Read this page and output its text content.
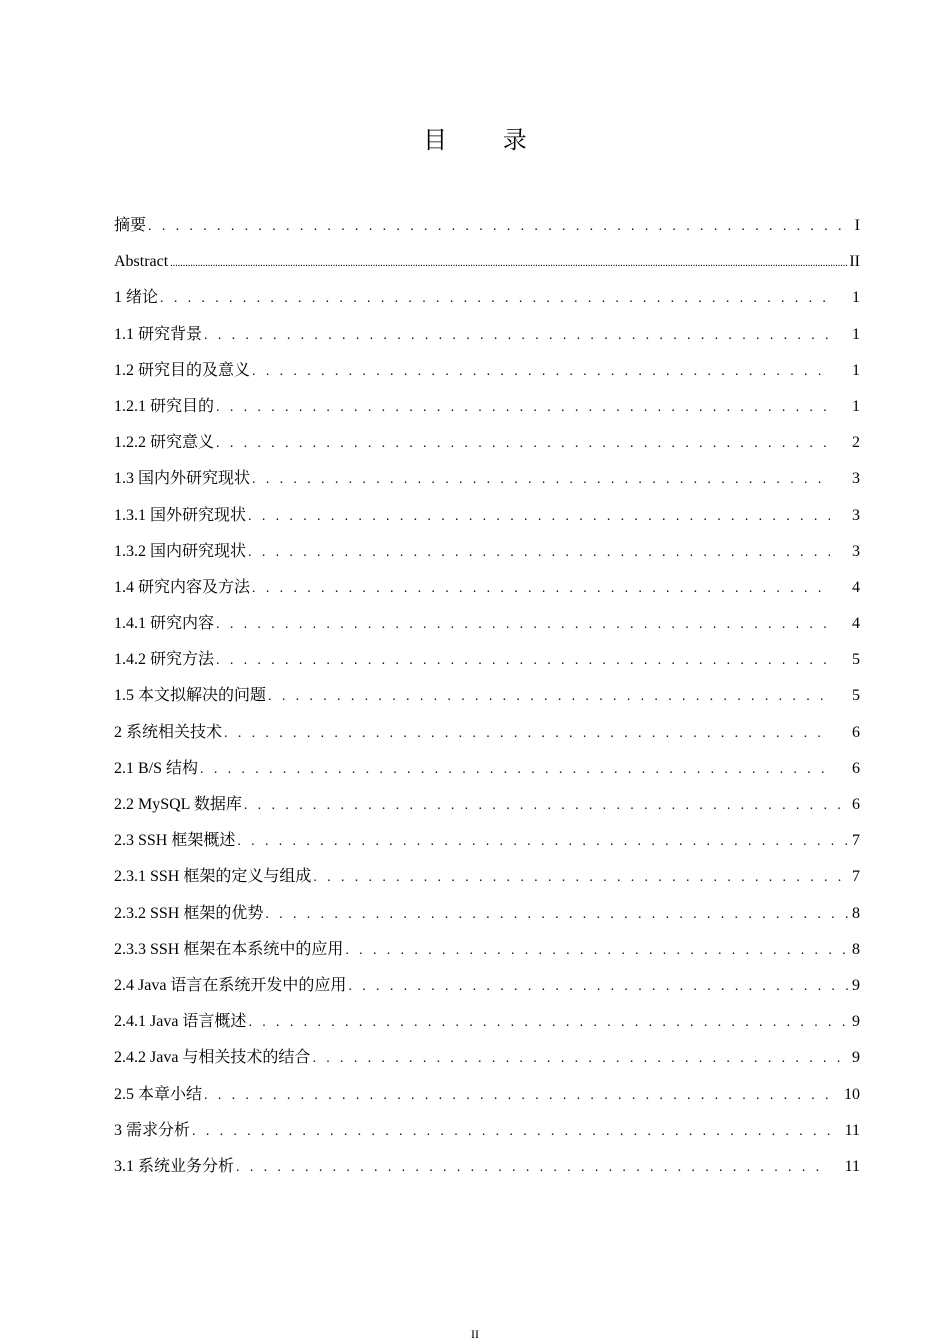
目 录
摘要 . . .	I
Abstract .....	II
1 绪论 . . .	1
1.1 研究背景 . . .	1
1.2 研究目的及意义 . . .	1
1.2.1 研究目的 . . .	1
1.2.2 研究意义 . . .	2
1.3 国内外研究现状 . . .	3
1.3.1 国外研究现状 . . .	3
1.3.2 国内研究现状 . . .	3
1.4 研究内容及方法 . . .	4
1.4.1 研究内容 . . .	4
1.4.2 研究方法 . . .	5
1.5 本文拟解决的问题 . . .	5
2 系统相关技术 . . .	6
2.1 B/S 结构 . . .	6
2.2 MySQL 数据库 . . .	6
2.3 SSH 框架概述 . . .	7
2.3.1 SSH 框架的定义与组成 . . .	7
2.3.2 SSH 框架的优势 . . .	8
2.3.3 SSH 框架在本系统中的应用 . . .	8
2.4 Java 语言在系统开发中的应用 . . .	9
2.4.1 Java 语言概述 . . .	9
2.4.2 Java 与相关技术的结合 . . .	9
2.5 本章小结 . . .	10
3 需求分析 . . .	11
3.1 系统业务分析 . . .	11
II
